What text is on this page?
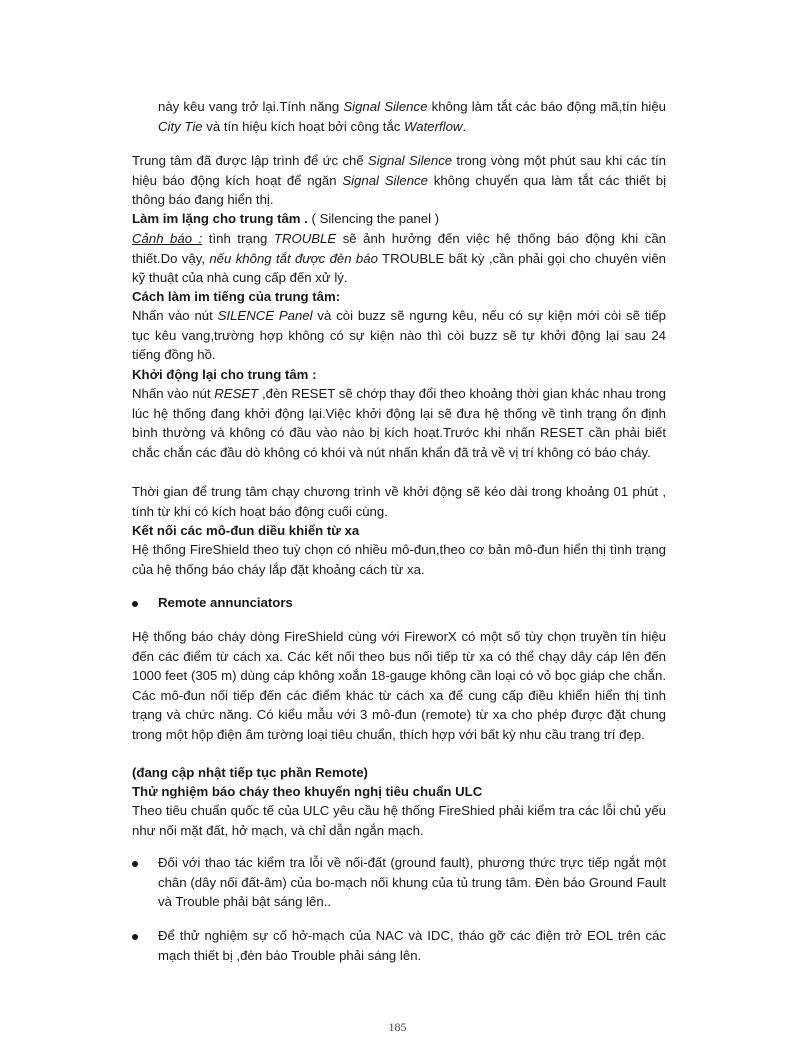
này kêu vang trở lại.Tính năng Signal Silence không làm tắt các báo động mã,tín hiệu City Tie và tín hiệu kích hoạt bởi công tắc Waterflow.
Trung tâm đã được lập trình để ức chế Signal Silence trong vòng một phút sau khi các tín hiệu báo động kích hoạt để ngăn Signal Silence không chuyển qua làm tắt các thiết bị thông báo đang hiển thị.
Làm im lặng cho trung tâm . ( Silencing the panel )
Cảnh báo : tình trạng TROUBLE sẽ ảnh hưởng đến việc hệ thống báo động khi cần thiết.Do vậy, nếu không tắt được đèn báo TROUBLE bất kỳ ,cần phải gọi cho chuyên viên kỹ thuật của nhà cung cấp đến xử lý.
Cách làm im tiếng của trung tâm:
Nhấn vào nút SILENCE Panel và còi buzz sẽ ngưng kêu, nếu có sự kiện mới còi sẽ tiếp tục kêu vang,trường hợp không có sự kiện nào thì còi buzz sẽ tự khởi động lại sau 24 tiếng đồng hồ.
Khởi động lại cho trung tâm :
Nhấn vào nút RESET ,đèn RESET sẽ chớp thay đổi theo khoảng thời gian khác nhau trong lúc hệ thống đang khởi động lại.Việc khởi động lại sẽ đưa hệ thống về tình trạng ổn định bình thường và không có đầu vào nào bị kích hoạt.Trước khi nhấn RESET cần phải biết chắc chắn các đầu dò không có khói và nút nhấn khẩn đã trả về vị trí không có báo cháy.
Thời gian để trung tâm chạy chương trình về khởi động sẽ kéo dài trong khoảng 01 phút , tính từ khi có kích hoạt báo động cuối cùng.
Kết nối các mô-đun diều khiển từ xa
Hệ thống FireShield theo tuỳ chọn có nhiều mô-đun,theo cơ bản mô-đun hiển thị tình trạng của hệ thống báo cháy lắp đặt khoảng cách từ xa.
Remote annunciators
Hệ thống báo cháy dòng FireShield cùng với FireworX có một số tùy chọn truyền tín hiệu đến các điểm từ cách xa. Các kết nối theo bus nối tiếp từ xa có thể chạy dây cáp lên đến 1000 feet (305 m) dùng cáp không xoắn 18-gauge không cần loại có vỏ bọc giáp che chắn. Các mô-đun nối tiếp đến các điểm khác từ cách xa để cung cấp điều khiển hiển thị tình trạng và chức năng. Có kiểu mẫu với 3 mô-đun (remote) từ xa cho phép được đặt chung trong một hộp điện âm tường loại tiêu chuẩn, thích hợp với bất kỳ nhu cầu trang trí đẹp.
(đang cập nhật tiếp tục phần Remote)
Thử nghiệm báo cháy theo khuyến nghị tiêu chuẩn ULC
Theo tiêu chuẩn quốc tế của ULC yêu cầu hệ thống FireShied phải kiểm tra các lỗi chủ yếu như nối mặt đất, hở mạch, và chỉ dẫn ngắn mạch.
Đối với thao tác kiểm tra lỗi về nối-đất (ground fault), phương thức trực tiếp ngắt một chân (dây nối đất-âm) của bo-mạch nối khung của tủ trung tâm. Đèn báo Ground Fault và Trouble phải bật sáng lên..
Để thử nghiệm sự cố hở-mạch của NAC và IDC, tháo gỡ các điện trở EOL trên các mạch thiết bị ,đèn báo Trouble phải sáng lên.
185
